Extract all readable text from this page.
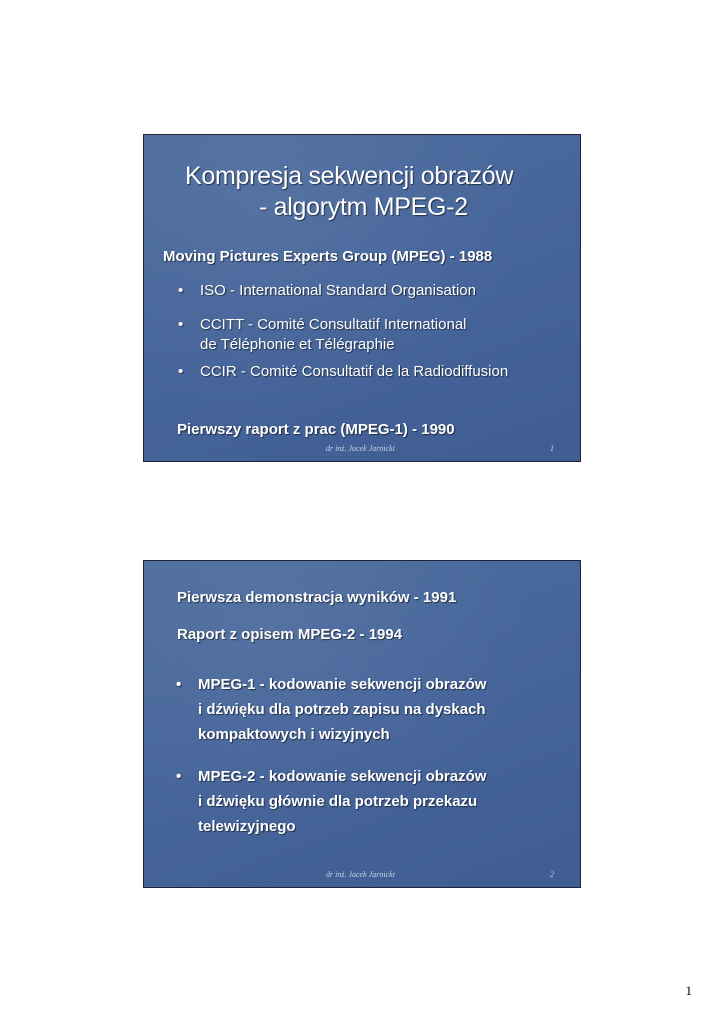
Kompresja sekwencji obrazów
- algorytm MPEG-2
Moving Pictures Experts Group (MPEG) - 1988
• ISO - International Standard Organisation
• CCITT - Comité Consultatif International
de Téléphonie et Télégraphie
• CCIR - Comité Consultatif de la Radiodiffusion
Pierwszy raport z prac (MPEG-1) - 1990
dr inż. Jacek Jarnicki	1
Pierwsza demonstracja wyników - 1991
Raport z opisem MPEG-2 - 1994
• MPEG-1 - kodowanie sekwencji obrazów
i dźwięku dla potrzeb zapisu na dyskach
kompaktowych i wizyjnych
• MPEG-2 - kodowanie sekwencji obrazów
i dźwięku głównie dla potrzeb przekazu
telewizyjnego
dr inż. Jacek Jarnicki	2
1
